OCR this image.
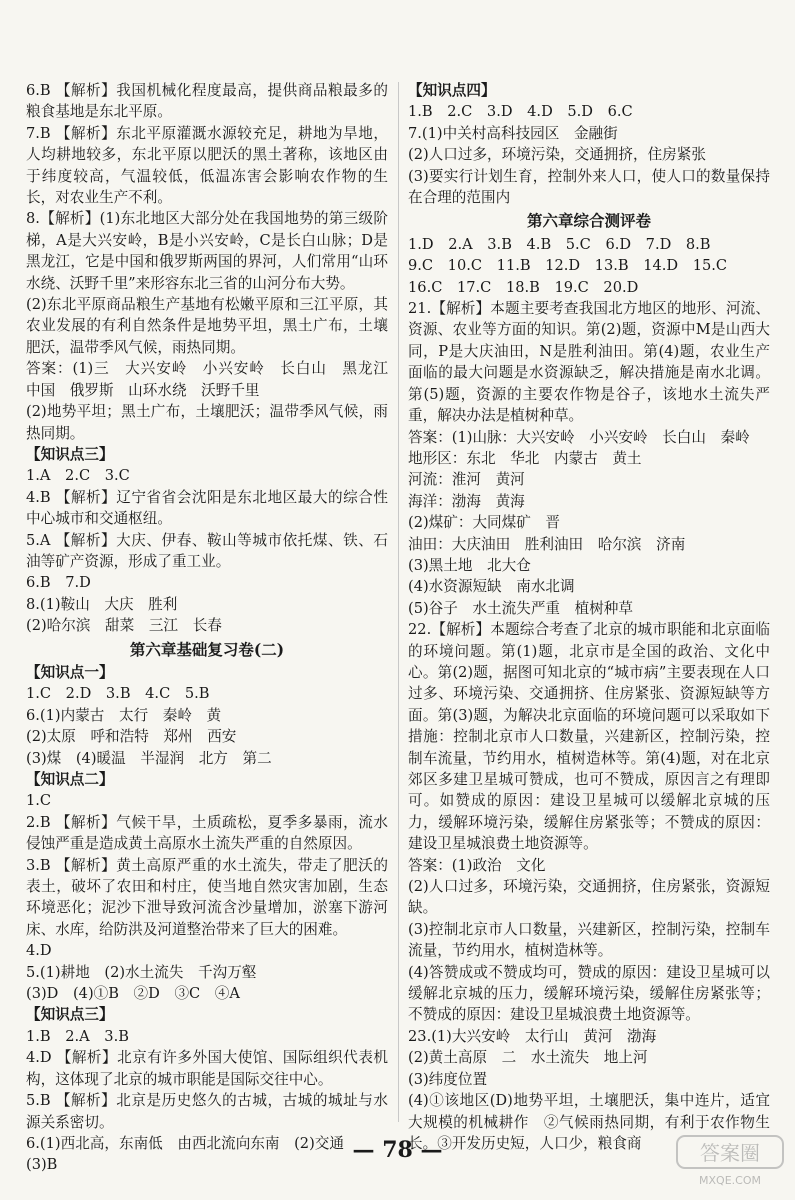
6.B 【解析】我国机械化程度最高，提供商品粮最多的粮食基地是东北平原。
7.B 【解析】东北平原灌溉水源较充足，耕地为旱地，人均耕地较多，东北平原以肥沃的黑土著称，该地区由于纬度较高，气温较低，低温冻害会影响农作物的生长，对农业生产不利。
8.【解析】(1)东北地区大部分处在我国地势的第三级阶梯，A是大兴安岭，B是小兴安岭，C是长白山脉；D是黑龙江，它是中国和俄罗斯两国的界河，人们常用“山环水绕、沃野千里”来形容东北三省的山河分布大势。
(2)东北平原商品粮生产基地有松嫩平原和三江平原，其农业发展的有利自然条件是地势平坦，黑土广布，土壤肥沃，温带季风气候，雨热同期。
答案：(1)三　大兴安岭　小兴安岭　长白山　黑龙江　中国　俄罗斯　山环水绕　沃野千里
(2)地势平坦；黑土广布，土壤肥沃；温带季风气候，雨热同期。
【知识点三】
1.A　2.C　3.C
4.B 【解析】辽宁省省会沈阳是东北地区最大的综合性中心城市和交通枢纽。
5.A 【解析】大庆、伊春、鞍山等城市依托煤、铁、石油等矿产资源，形成了重工业。
6.B　7.D
8.(1)鞍山　大庆　胜利
(2)哈尔滨　甜菜　三江　长春
第六章基础复习卷(二)
【知识点一】
1.C　2.D　3.B　4.C　5.B
6.(1)内蒙古　太行　秦岭　黄
(2)太原　呼和浩特　郑州　西安
(3)煤　(4)暖温　半湿润　北方　第二
【知识点二】
1.C
2.B 【解析】气候干旱，土质疏松，夏季多暴雨，流水侵蚀严重是造成黄土高原水土流失严重的自然原因。
3.B 【解析】黄土高原严重的水土流失，带走了肥沃的表土，破坏了农田和村庄，使当地自然灾害加剧，生态环境恶化；泥沙下泄导致河流含沙量增加，淤塞下游河床、水库，给防洪及河道整治带来了巨大的困难。
4.D
5.(1)耕地　(2)水土流失　千沟万壑
(3)D　(4)①B　②D　③C　④A
【知识点三】
1.B　2.A　3.B
4.D 【解析】北京有许多外国大使馆、国际组织代表机构，这体现了北京的城市职能是国际交往中心。
5.B 【解析】北京是历史悠久的古城，古城的城址与水源关系密切。
6.(1)西北高，东南低　由西北流向东南　(2)交通
(3)B
【知识点四】
1.B　2.C　3.D　4.D　5.D　6.C
7.(1)中关村高科技园区　金融街
(2)人口过多，环境污染，交通拥挤，住房紧张
(3)要实行计划生育，控制外来人口，使人口的数量保持在合理的范围内
第六章综合测评卷
1.D　2.A　3.B　4.B　5.C　6.D　7.D　8.B
9.C　10.C　11.B　12.D　13.B　14.D　15.C
16.C　17.C　18.B　19.C　20.D
21.【解析】本题主要考查我国北方地区的地形、河流、资源、农业等方面的知识。第(2)题，资源中M是山西大同，P是大庆油田，N是胜利油田。第(4)题，农业生产面临的最大问题是水资源缺乏，解决措施是南水北调。第(5)题，资源的主要农作物是谷子，该地水土流失严重，解决办法是植树种草。
答案：(1)山脉：大兴安岭　小兴安岭　长白山　秦岭
地形区：东北　华北　内蒙古　黄土
河流：淮河　黄河
海洋：渤海　黄海
(2)煤矿：大同煤矿　晋
油田：大庆油田　胜利油田　哈尔滨　济南
(3)黑土地　北大仓
(4)水资源短缺　南水北调
(5)谷子　水土流失严重　植树种草
22.【解析】本题综合考查了北京的城市职能和北京面临的环境问题。第(1)题，北京市是全国的政治、文化中心。第(2)题，据图可知北京的“城市病”主要表现在人口过多、环境污染、交通拥挤、住房紧张、资源短缺等方面。第(3)题，为解决北京面临的环境问题可以采取如下措施：控制北京市人口数量，兴建新区，控制污染，控制车流量，节约用水，植树造林等。第(4)题，对在北京郊区多建卫星城可赞成，也可不赞成，原因言之有理即可。如赞成的原因：建设卫星城可以缓解北京城的压力，缓解环境污染，缓解住房紧张等；不赞成的原因：建设卫星城浪费土地资源等。
答案：(1)政治　文化
(2)人口过多，环境污染，交通拥挤，住房紧张，资源短缺。
(3)控制北京市人口数量，兴建新区，控制污染，控制车流量，节约用水，植树造林等。
(4)答赞成或不赞成均可，赞成的原因：建设卫星城可以缓解北京城的压力，缓解环境污染，缓解住房紧张等；不赞成的原因：建设卫星城浪费土地资源等。
23.(1)大兴安岭　太行山　黄河　渤海
(2)黄土高原　二　水土流失　地上河
(3)纬度位置
(4)①该地区(D)地势平坦，土壤肥沃，集中连片，适宜大规模的机械耕作　②气候雨热同期，有利于农作物生长。③开发历史短，人口少，粮食商
— 78 —	答案圈
MXQE.COM
